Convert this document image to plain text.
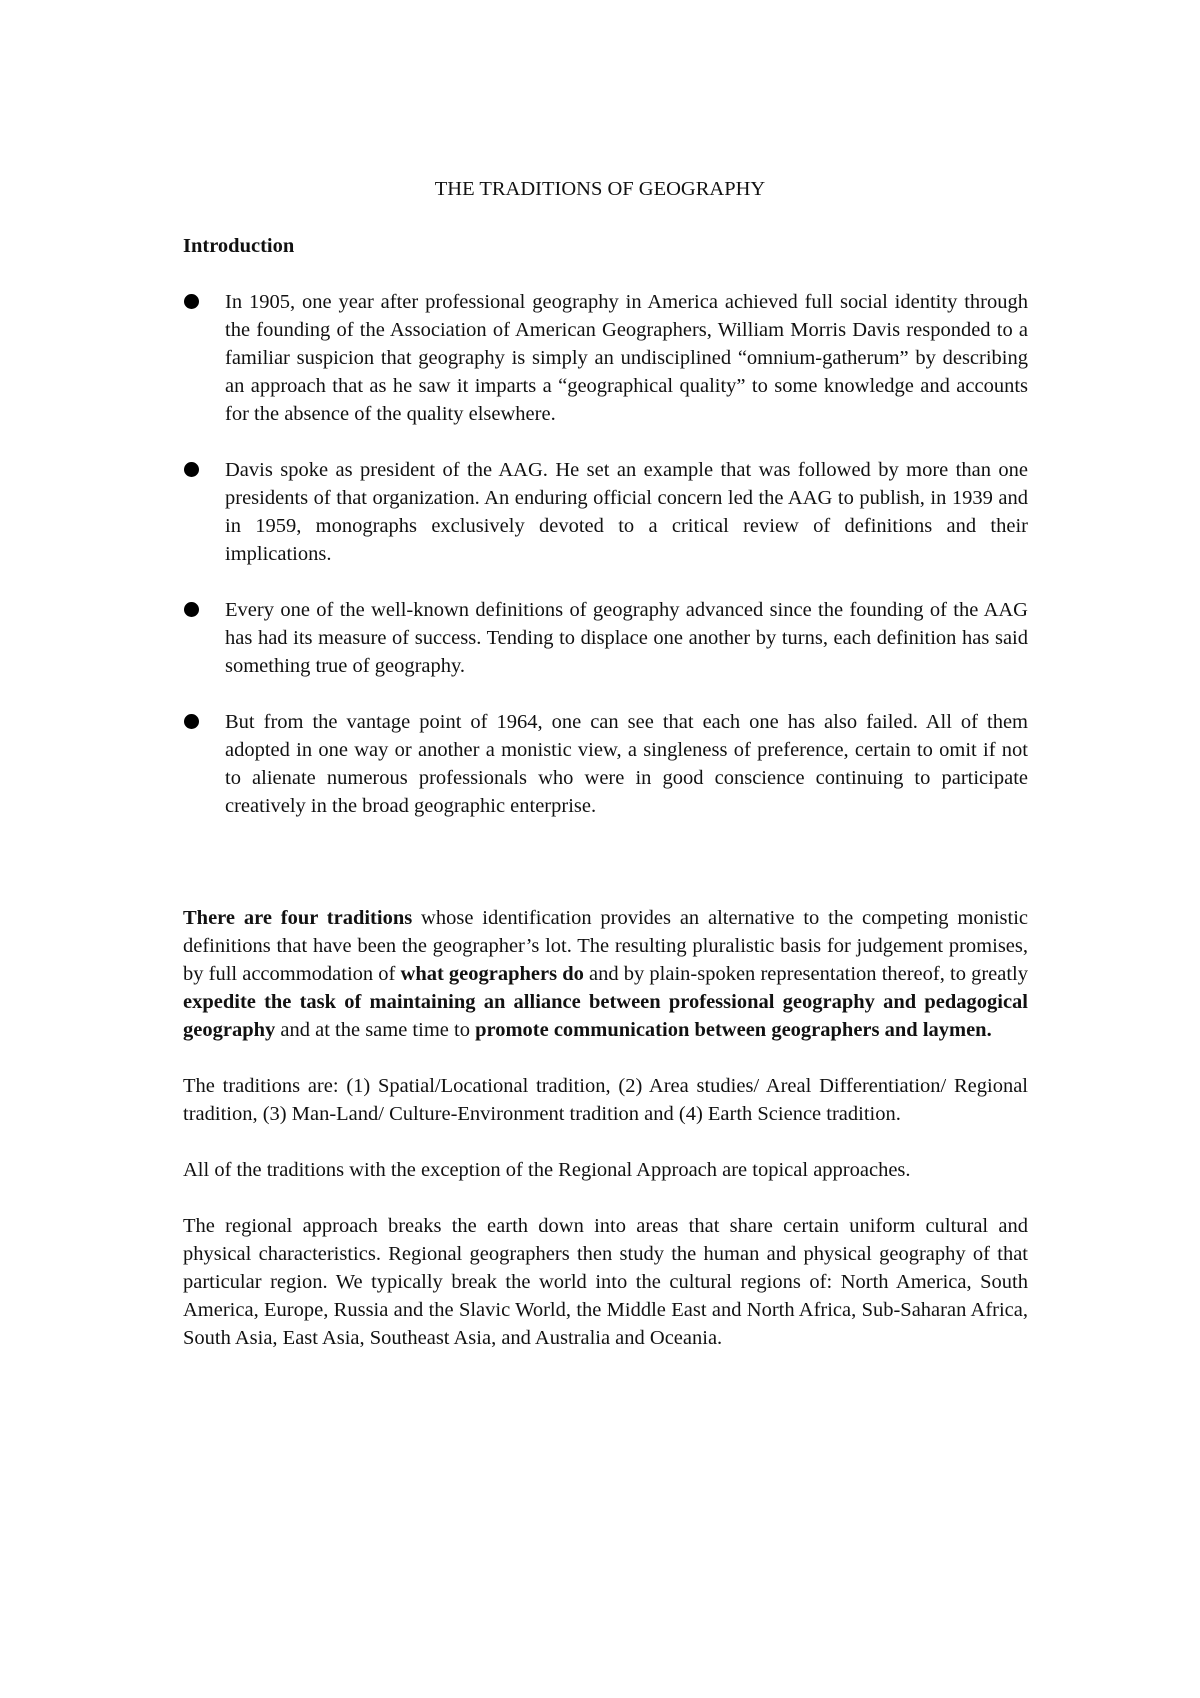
THE TRADITIONS OF GEOGRAPHY
Introduction
In 1905, one year after professional geography in America achieved full social identity through the founding of the Association of American Geographers, William Morris Davis responded to a familiar suspicion that geography is simply an undisciplined “omnium-gatherum” by describing an approach that as he saw it imparts a “geographical quality” to some knowledge and accounts for the absence of the quality elsewhere.
Davis spoke as president of the AAG. He set an example that was followed by more than one presidents of that organization. An enduring official concern led the AAG to publish, in 1939 and in 1959, monographs exclusively devoted to a critical review of definitions and their implications.
Every one of the well-known definitions of geography advanced since the founding of the AAG has had its measure of success. Tending to displace one another by turns, each definition has said something true of geography.
But from the vantage point of 1964, one can see that each one has also failed. All of them adopted in one way or another a monistic view, a singleness of preference, certain to omit if not to alienate numerous professionals who were in good conscience continuing to participate creatively in the broad geographic enterprise.

There are four traditions whose identification provides an alternative to the competing monistic definitions that have been the geographer’s lot. The resulting pluralistic basis for judgement promises, by full accommodation of what geographers do and by plain-spoken representation thereof, to greatly expedite the task of maintaining an alliance between professional geography and pedagogical geography and at the same time to promote communication between geographers and laymen.

The traditions are: (1) Spatial/Locational tradition, (2) Area studies/ Areal Differentiation/ Regional tradition, (3) Man-Land/ Culture-Environment tradition and (4) Earth Science tradition.

All of the traditions with the exception of the Regional Approach are topical approaches.

The regional approach breaks the earth down into areas that share certain uniform cultural and physical characteristics. Regional geographers then study the human and physical geography of that particular region. We typically break the world into the cultural regions of: North America, South America, Europe, Russia and the Slavic World, the Middle East and North Africa, Sub-Saharan Africa, South Asia, East Asia, Southeast Asia, and Australia and Oceania.
